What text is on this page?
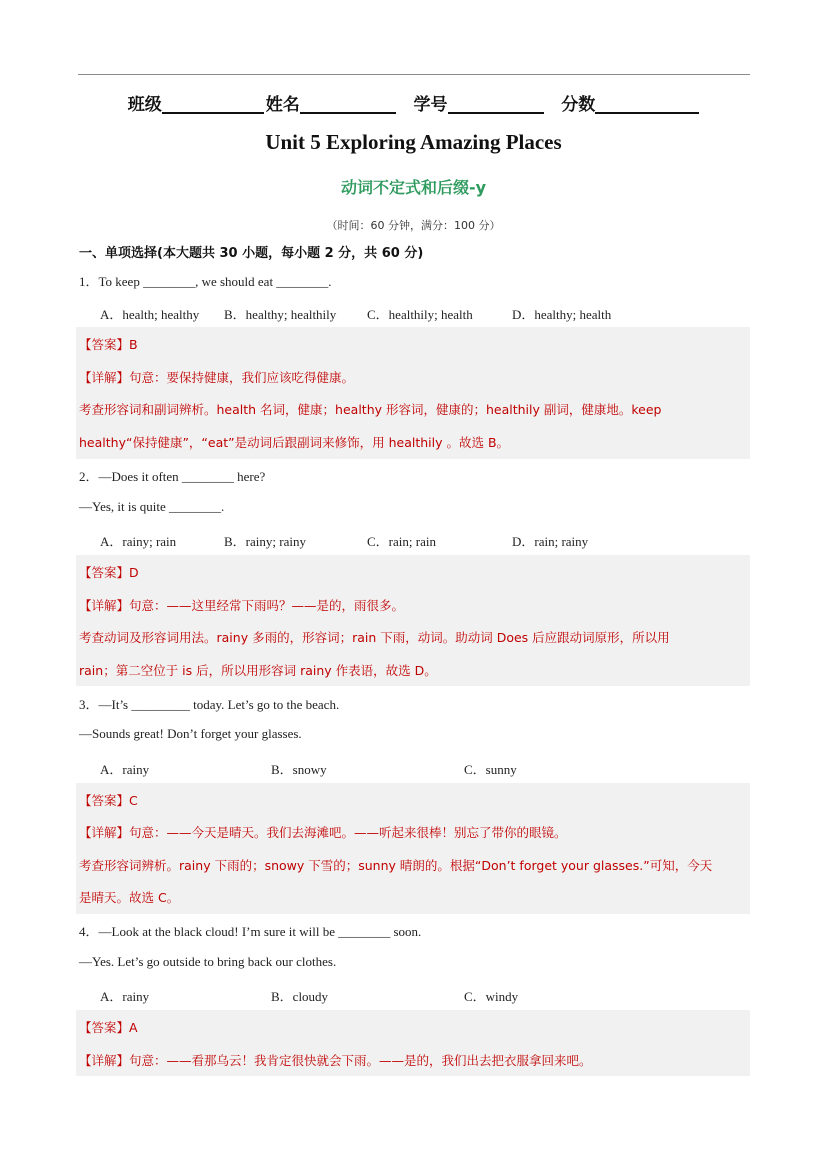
班级	姓名	学号	分数
Unit 5 Exploring Amazing Places
动词不定式和后缀-y
（时间：60 分钟，满分：100 分）
一、单项选择(本大题共 30 小题，每小题 2 分，共 60 分)
1．To keep ________, we should eat ________.
A．health; healthy B．healthy; healthily C．healthily; health	D．healthy; health
【答案】B
【详解】句意：要保持健康，我们应该吃得健康。
考查形容词和副词辨析。health 名词，健康；healthy 形容词，健康的；healthily 副词，健康地。keep
healthy“保持健康”，“eat”是动词后跟副词来修饰，用 healthily 。故选 B。
2．—Does it often ________ here?
—Yes, it is quite ________.
A．rainy; rain	B．rainy; rainy	C．rain; rain	D．rain; rainy
【答案】D
【详解】句意：——这里经常下雨吗？——是的，雨很多。
考查动词及形容词用法。rainy 多雨的，形容词；rain 下雨，动词。助动词 Does 后应跟动词原形，所以用
rain；第二空位于 is 后，所以用形容词 rainy 作表语，故选 D。
3．—It’s _________ today. Let’s go to the beach.
—Sounds great! Don’t forget your glasses.
A．rainy	B．snowy	C．sunny
【答案】C
【详解】句意：——今天是晴天。我们去海滩吧。——听起来很棒！别忘了带你的眼镜。
考查形容词辨析。rainy 下雨的；snowy 下雪的；sunny 晴朗的。根据“Don’t forget your glasses.”可知，今天
是晴天。故选 C。
4．—Look at the black cloud! I’m sure it will be ________ soon.
—Yes. Let’s go outside to bring back our clothes.
A．rainy	B．cloudy	C．windy
【答案】A
【详解】句意：——看那乌云！我肯定很快就会下雨。——是的，我们出去把衣服拿回来吧。
